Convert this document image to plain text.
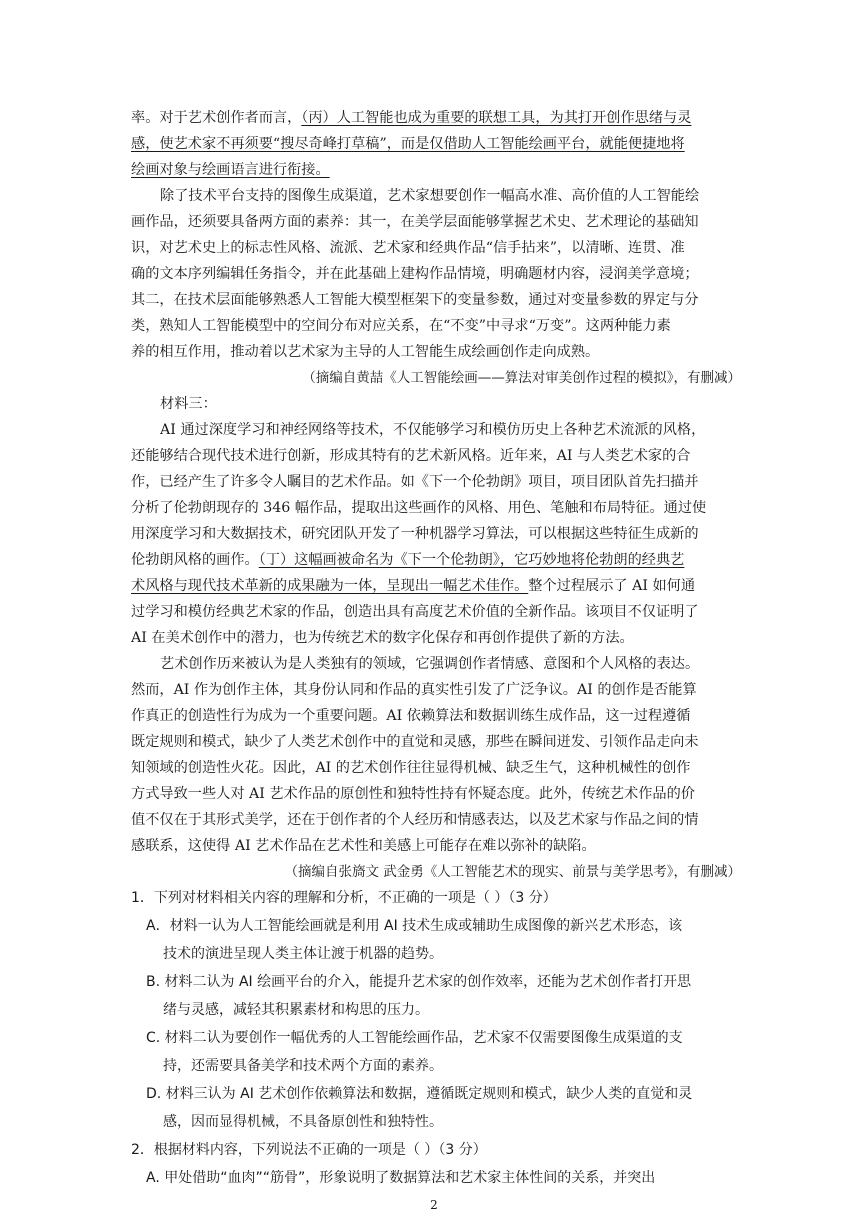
率。对于艺术创作者而言，（丙）人工智能也成为重要的联想工具，为其打开创作思绪与灵
感，使艺术家不再须要“搜尽奇峰打草稿”，而是仅借助人工智能绘画平台，就能便捷地将
绘画对象与绘画语言进行衔接。
除了技术平台支持的图像生成渠道，艺术家想要创作一幅高水准、高价值的人工智能绘
画作品，还须要具备两方面的素养：其一，在美学层面能够掌握艺术史、艺术理论的基础知
识，对艺术史上的标志性风格、流派、艺术家和经典作品“信手拈来”，以清晰、连贯、准
确的文本序列编辑任务指令，并在此基础上建构作品情境，明确题材内容，浸润美学意境；
其二，在技术层面能够熟悉人工智能大模型框架下的变量参数，通过对变量参数的界定与分
类，熟知人工智能模型中的空间分布对应关系，在“不变”中寻求“万变”。这两种能力素
养的相互作用，推动着以艺术家为主导的人工智能生成绘画创作走向成熟。
（摘编自黄喆《人工智能绘画——算法对审美创作过程的模拟》，有删减）
材料三：
AI 通过深度学习和神经网络等技术，不仅能够学习和模仿历史上各种艺术流派的风格，
还能够结合现代技术进行创新，形成其特有的艺术新风格。近年来，AI 与人类艺术家的合
作，已经产生了许多令人瞩目的艺术作品。如《下一个伦勃朗》项目，项目团队首先扫描并
分析了伦勃朗现存的 346 幅作品，提取出这些画作的风格、用色、笔触和布局特征。通过使
用深度学习和大数据技术，研究团队开发了一种机器学习算法，可以根据这些特征生成新的
伦勃朗风格的画作。（丁）这幅画被命名为《下一个伦勃朗》，它巧妙地将伦勃朗的经典艺
术风格与现代技术革新的成果融为一体，呈现出一幅艺术佳作。整个过程展示了 AI 如何通
过学习和模仿经典艺术家的作品，创造出具有高度艺术价值的全新作品。该项目不仅证明了
AI 在美术创作中的潜力，也为传统艺术的数字化保存和再创作提供了新的方法。
艺术创作历来被认为是人类独有的领域，它强调创作者情感、意图和个人风格的表达。
然而，AI 作为创作主体，其身份认同和作品的真实性引发了广泛争议。AI 的创作是否能算
作真正的创造性行为成为一个重要问题。AI 依赖算法和数据训练生成作品，这一过程遵循
既定规则和模式，缺少了人类艺术创作中的直觉和灵感，那些在瞬间迸发、引领作品走向未
知领域的创造性火花。因此，AI 的艺术创作往往显得机械、缺乏生气，这种机械性的创作
方式导致一些人对 AI 艺术作品的原创性和独特性持有怀疑态度。此外，传统艺术作品的价
值不仅在于其形式美学，还在于创作者的个人经历和情感表达，以及艺术家与作品之间的情
感联系，这使得 AI 艺术作品在艺术性和美感上可能存在难以弥补的缺陷。
（摘编自张旖文 武金勇《人工智能艺术的现实、前景与美学思考》，有删减）
1．下列对材料相关内容的理解和分析，不正确的一项是（ ）（3 分）
A．材料一认为人工智能绘画就是利用 AI 技术生成或辅助生成图像的新兴艺术形态，该
技术的演进呈现人类主体让渡于机器的趋势。
B. 材料二认为 AI 绘画平台的介入，能提升艺术家的创作效率，还能为艺术创作者打开思
绪与灵感，减轻其积累素材和构思的压力。
C. 材料二认为要创作一幅优秀的人工智能绘画作品，艺术家不仅需要图像生成渠道的支
持，还需要具备美学和技术两个方面的素养。
D. 材料三认为 AI 艺术创作依赖算法和数据，遵循既定规则和模式，缺少人类的直觉和灵
感，因而显得机械，不具备原创性和独特性。
2．根据材料内容，下列说法不正确的一项是（ ）（3 分）
A. 甲处借助“血肉”“筋骨”，形象说明了数据算法和艺术家主体性间的关系，并突出
2
